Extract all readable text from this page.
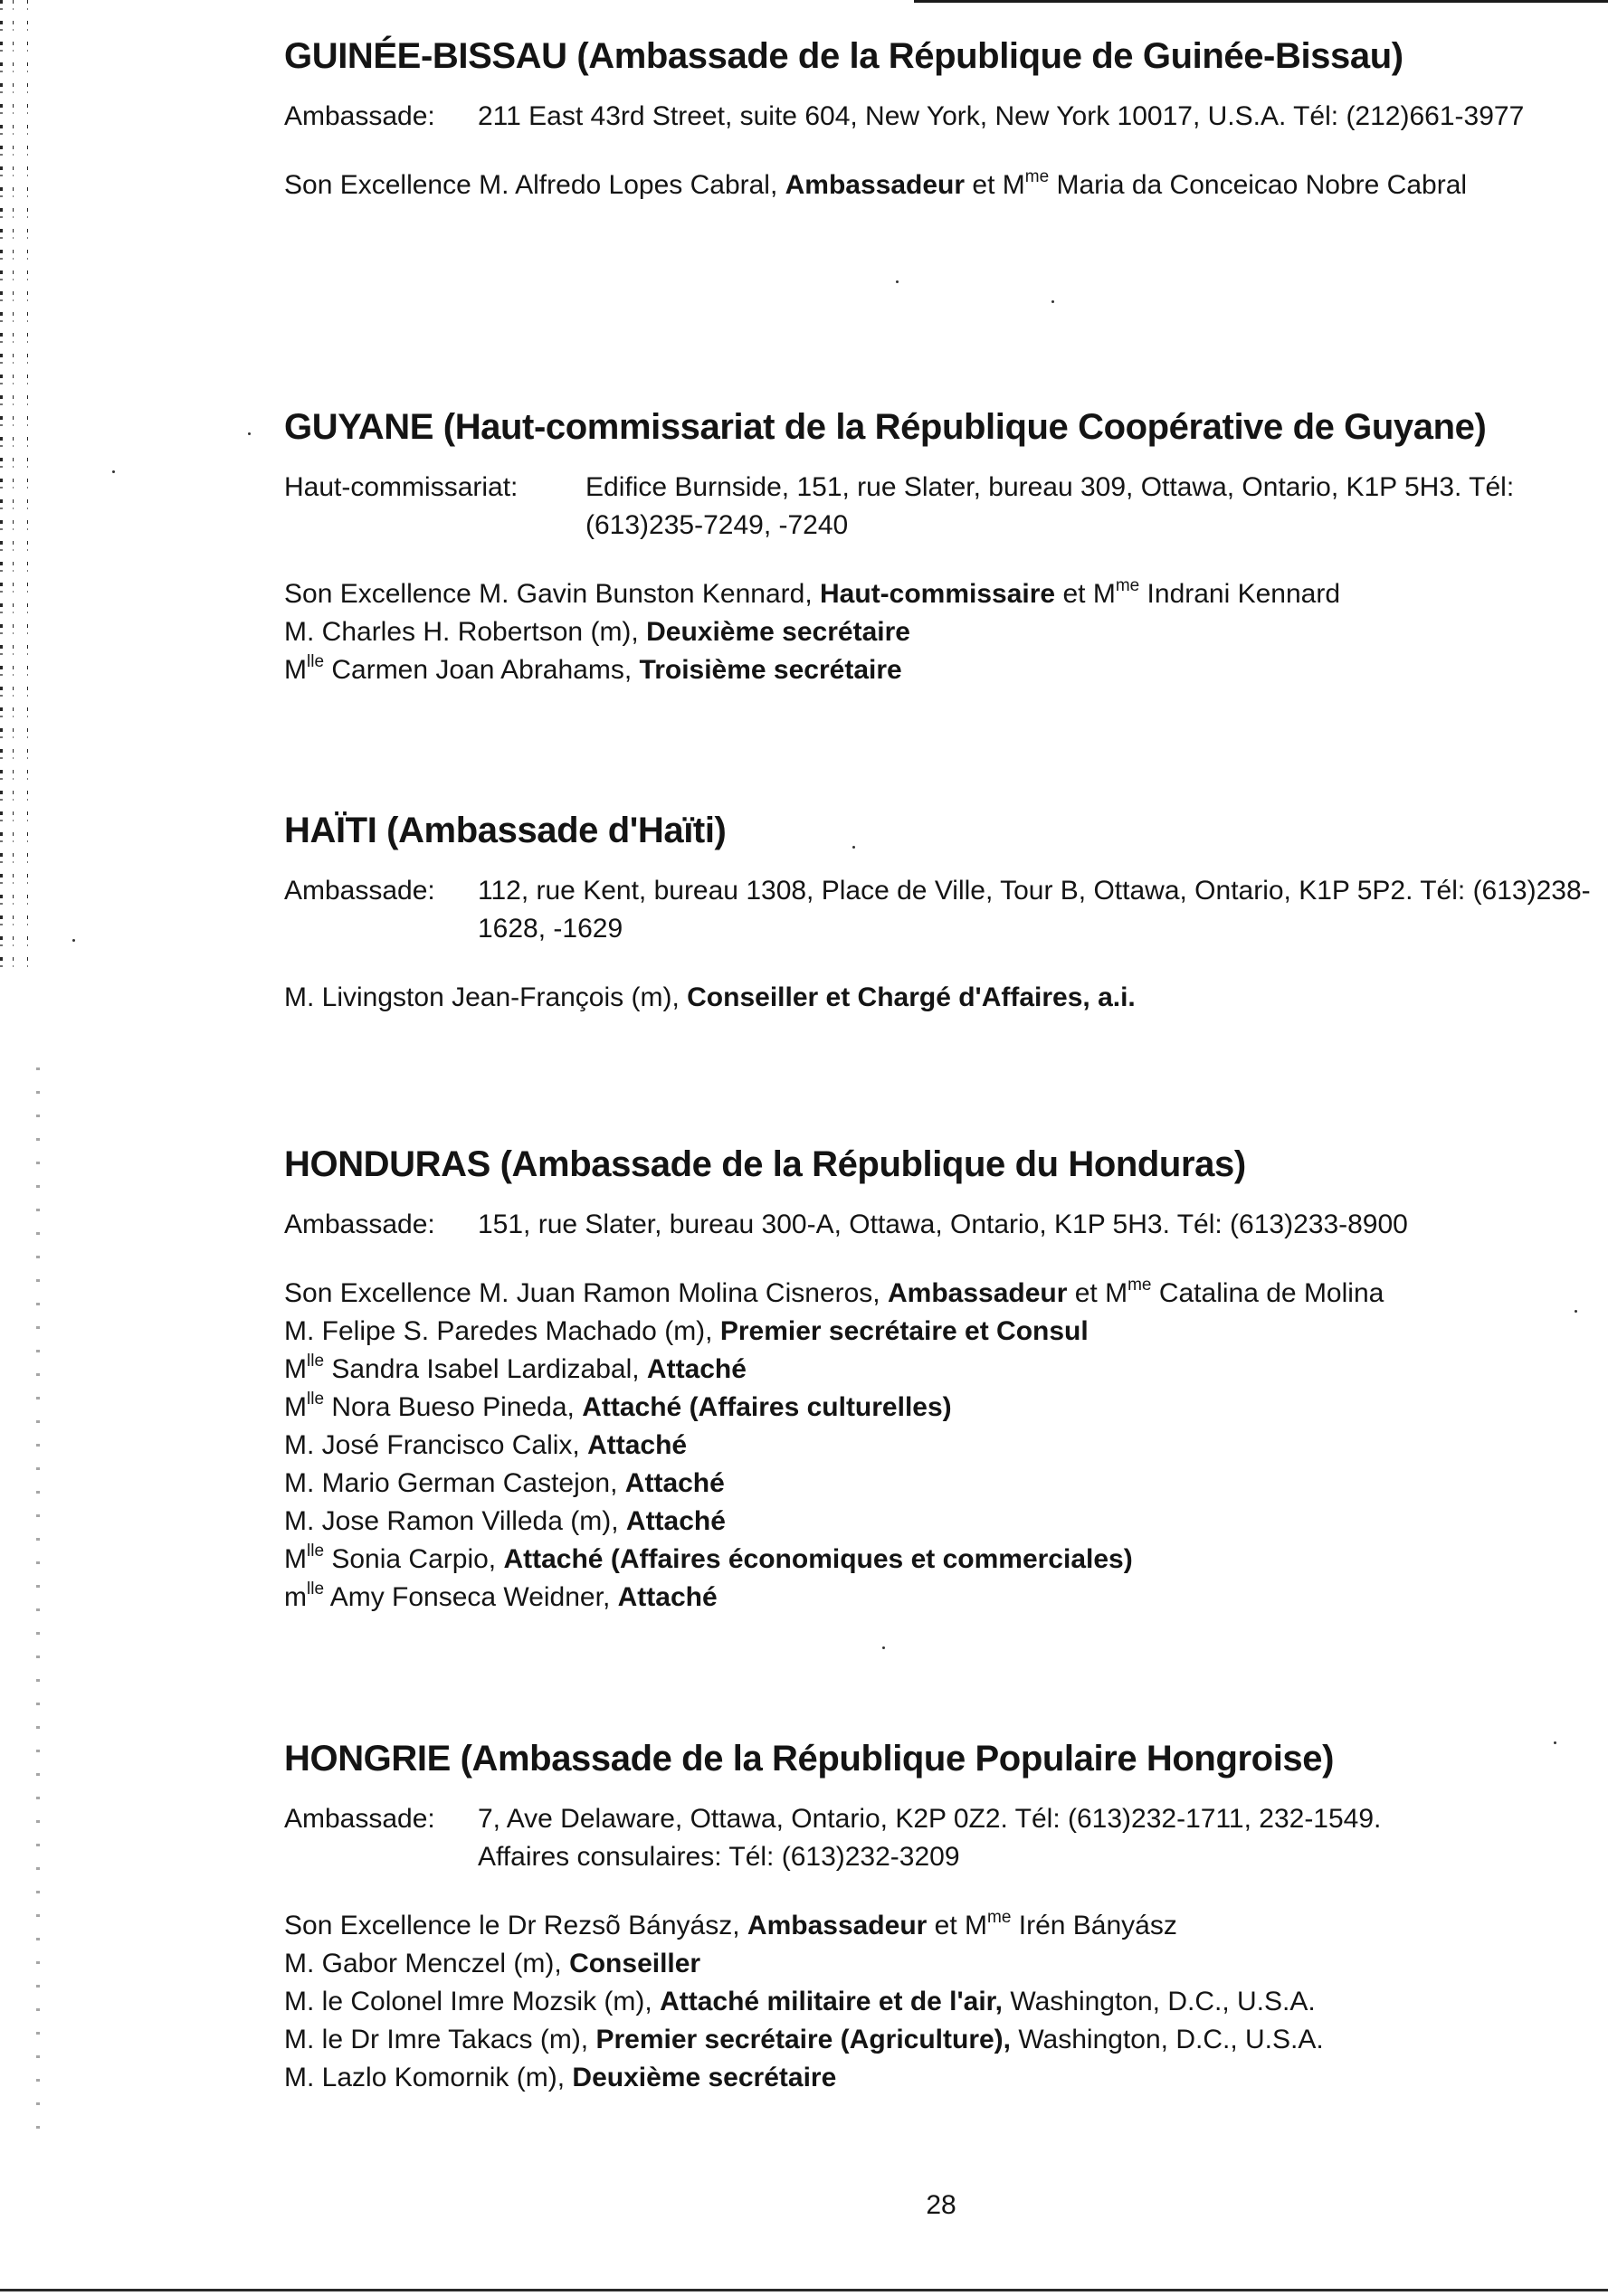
GUINÉE-BISSAU (Ambassade de la République de Guinée-Bissau)
Ambassade:	211 East 43rd Street, suite 604, New York, New York 10017, U.S.A. Tél: (212)661-3977
Son Excellence M. Alfredo Lopes Cabral, Ambassadeur et $M^{me}$ Maria da Conceicao Nobre Cabral
GUYANE (Haut-commissariat de la République Coopérative de Guyane)
Haut-commissariat:	Edifice Burnside, 151, rue Slater, bureau 309, Ottawa, Ontario, K1P 5H3. Tél: (613)235-7249, -7240
Son Excellence M. Gavin Bunston Kennard, Haut-commissaire et $M^{me}$ Indrani Kennard
M. Charles H. Robertson (m), Deuxième secrétaire
$M^{lle}$ Carmen Joan Abrahams, Troisième secrétaire
HAÏTI (Ambassade d'Haïti)
Ambassade:	112, rue Kent, bureau 1308, Place de Ville, Tour B, Ottawa, Ontario, K1P 5P2. Tél: (613)238-1628, -1629
M. Livingston Jean-François (m), Conseiller et Chargé d'Affaires, a.i.
HONDURAS (Ambassade de la République du Honduras)
Ambassade:	151, rue Slater, bureau 300-A, Ottawa, Ontario, K1P 5H3. Tél: (613)233-8900
Son Excellence M. Juan Ramon Molina Cisneros, Ambassadeur et $M^{me}$ Catalina de Molina
M. Felipe S. Paredes Machado (m), Premier secrétaire et Consul
$M^{lle}$ Sandra Isabel Lardizabal, Attaché
$M^{lle}$ Nora Bueso Pineda, Attaché (Affaires culturelles)
M. José Francisco Calix, Attaché
M. Mario German Castejon, Attaché
M. Jose Ramon Villeda (m), Attaché
$M^{lle}$ Sonia Carpio, Attaché (Affaires économiques et commerciales)
$m^{lle}$ Amy Fonseca Weidner, Attaché
HONGRIE (Ambassade de la République Populaire Hongroise)
Ambassade:	7, Ave Delaware, Ottawa, Ontario, K2P 0Z2. Tél: (613)232-1711, 232-1549.
Affaires consulaires: Tél: (613)232-3209
Son Excellence le Dr Rezsõ Bányász, Ambassadeur et $M^{me}$ Irén Bányász
M. Gabor Menczel (m), Conseiller
M. le Colonel Imre Mozsik (m), Attaché militaire et de l'air, Washington, D.C., U.S.A.
M. le Dr Imre Takacs (m), Premier secrétaire (Agriculture), Washington, D.C., U.S.A.
M. Lazlo Komornik (m), Deuxième secrétaire
28
